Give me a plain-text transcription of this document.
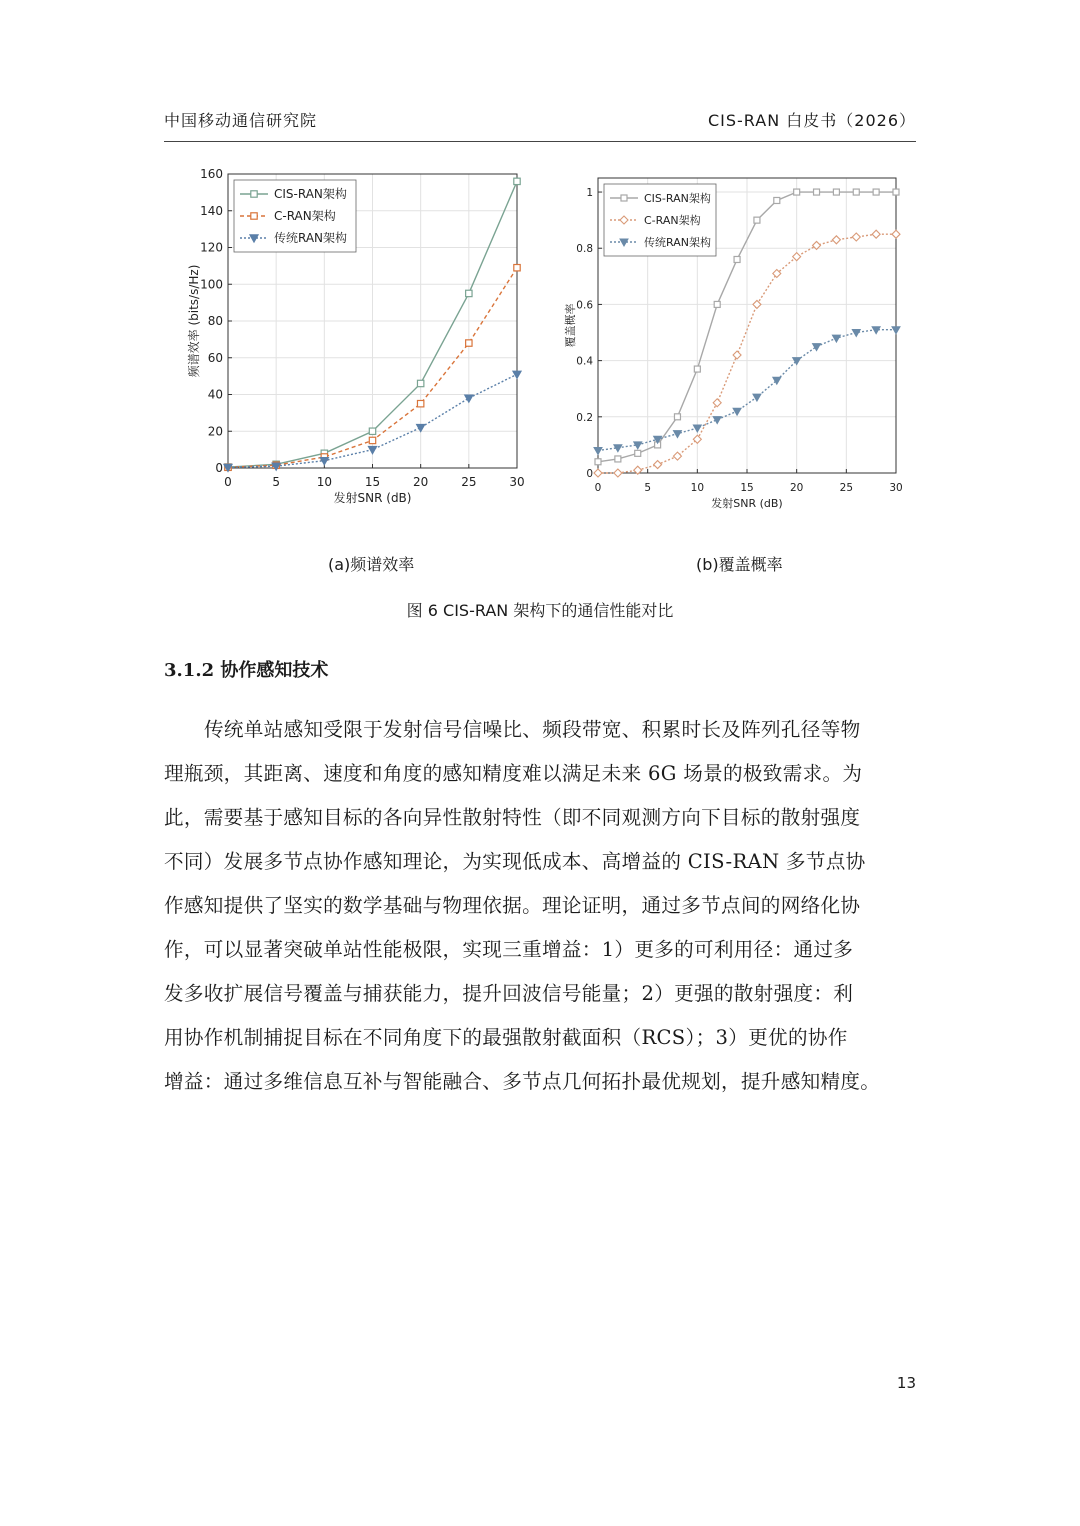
中国移动通信研究院	CIS-RAN 白皮书（2026）
0	5	10	15	20	25	30
0
20
40
60
80
100
120
140
160
发射SNR (dB)
频谱效率 (bits/s/Hz)
CIS-RAN架构
C-RAN架构
传统RAN架构
0	5	10	15	20	25	30
0
0.2
0.4
0.6
0.8
1
发射SNR (dB)
覆盖概率
CIS-RAN架构
C-RAN架构
传统RAN架构
(a)频谱效率	(b)覆盖概率
图 6 CIS-RAN 架构下的通信性能对比
3.1.2 协作感知技术
传统单站感知受限于发射信号信噪比、频段带宽、积累时长及阵列孔径等物
理瓶颈，其距离、速度和角度的感知精度难以满足未来 6G 场景的极致需求。为
此，需要基于感知目标的各向异性散射特性（即不同观测方向下目标的散射强度
不同）发展多节点协作感知理论，为实现低成本、高增益的 CIS-RAN 多节点协
作感知提供了坚实的数学基础与物理依据。理论证明，通过多节点间的网络化协
作，可以显著突破单站性能极限，实现三重增益：1）更多的可利用径：通过多
发多收扩展信号覆盖与捕获能力，提升回波信号能量；2）更强的散射强度：利
用协作机制捕捉目标在不同角度下的最强散射截面积（RCS）；3）更优的协作
增益：通过多维信息互补与智能融合、多节点几何拓扑最优规划，提升感知精度。
13
